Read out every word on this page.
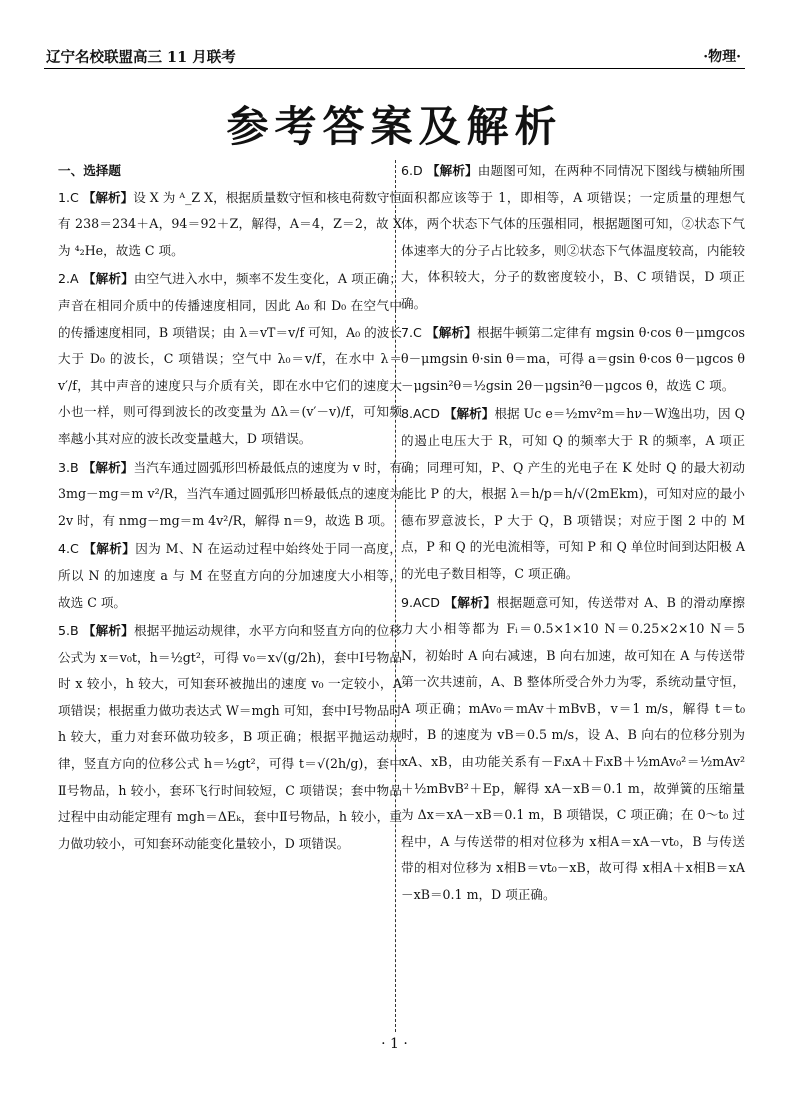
辽宁名校联盟高三 11 月联考	·物理·
参考答案及解析
一、选择题
1.C 【解析】设 X 为 ᴬ_Z X，根据质量数守恒和核电荷数守恒有 238＝234＋A，94＝92＋Z，解得，A＝4，Z＝2，故 X 为 ⁴₂He，故选 C 项。
2.A 【解析】由空气进入水中，频率不发生变化，A 项正确；声音在相同介质中的传播速度相同，因此 A₀ 和 D₀ 在空气中的传播速度相同，B 项错误；由 λ＝vT＝v/f 可知，A₀ 的波长大于 D₀ 的波长，C 项错误；空气中 λ₀＝v/f，在水中 λ＝v′/f，其中声音的速度只与介质有关，即在水中它们的速度大小也一样，则可得到波长的改变量为 Δλ＝(v′－v)/f，可知频率越小其对应的波长改变量越大，D 项错误。
3.B 【解析】当汽车通过圆弧形凹桥最低点的速度为 v 时，有 3mg－mg＝m v²/R，当汽车通过圆弧形凹桥最低点的速度为 2v 时，有 nmg－mg＝m 4v²/R，解得 n＝9，故选 B 项。
4.C 【解析】因为 M、N 在运动过程中始终处于同一高度，所以 N 的加速度 a 与 M 在竖直方向的分加速度大小相等，故选 C 项。
5.B 【解析】根据平抛运动规律，水平方向和竖直方向的位移公式为 x＝v₀t，h＝½gt²，可得 v₀＝x√(g/2h)，套中Ⅰ号物品时 x 较小，h 较大，可知套环被抛出的速度 v₀ 一定较小，A 项错误；根据重力做功表达式 W＝mgh 可知，套中Ⅰ号物品时 h 较大，重力对套环做功较多，B 项正确；根据平抛运动规律，竖直方向的位移公式 h＝½gt²，可得 t＝√(2h/g)，套中Ⅱ号物品，h 较小，套环飞行时间较短，C 项错误；套中物品过程中由动能定理有 mgh＝ΔEₖ，套中Ⅱ号物品，h 较小，重力做功较小，可知套环动能变化量较小，D 项错误。
6.D 【解析】由题图可知，在两种不同情况下图线与横轴所围面积都应该等于 1，即相等，A 项错误；一定质量的理想气体，两个状态下气体的压强相同，根据题图可知，②状态下气体速率大的分子占比较多，则②状态下气体温度较高，内能较大，体积较大，分子的数密度较小，B、C 项错误，D 项正确。
7.C 【解析】根据牛顿第二定律有 mgsin θ·cos θ－μmgcos θ－μmgsin θ·sin θ＝ma，可得 a＝gsin θ·cos θ－μgcos θ－μgsin²θ＝½gsin 2θ－μgsin²θ－μgcos θ，故选 C 项。
8.ACD 【解析】根据 Uc e＝½mv²m＝hν－W逸出功，因 Q 的遏止电压大于 R，可知 Q 的频率大于 R 的频率，A 项正确；同理可知，P、Q 产生的光电子在 K 处时 Q 的最大初动能比 P 的大，根据 λ＝h/p＝h/√(2mEkm)，可知对应的最小德布罗意波长，P 大于 Q，B 项错误；对应于图 2 中的 M 点，P 和 Q 的光电流相等，可知 P 和 Q 单位时间到达阳极 A 的光电子数目相等，C 项正确。
9.ACD 【解析】根据题意可知，传送带对 A、B 的滑动摩擦力大小相等都为 Fᵢ＝0.5×1×10 N＝0.25×2×10 N＝5 N，初始时 A 向右减速，B 向右加速，故可知在 A 与传送带第一次共速前，A、B 整体所受合外力为零，系统动量守恒，A 项正确；mAv₀＝mAv＋mBvB，v＝1 m/s，解得 t＝t₀ 时，B 的速度为 vB＝0.5 m/s，设 A、B 向右的位移分别为 xA、xB，由功能关系有－FᵢxA＋FᵢxB＋½mAv₀²＝½mAv²＋½mBvB²＋Ep，解得 xA－xB＝0.1 m，故弹簧的压缩量为 Δx＝xA－xB＝0.1 m，B 项错误，C 项正确；在 0～t₀ 过程中，A 与传送带的相对位移为 x相A＝xA－vt₀，B 与传送带的相对位移为 x相B＝vt₀－xB，故可得 x相A＋x相B＝xA－xB＝0.1 m，D 项正确。
· 1 ·
